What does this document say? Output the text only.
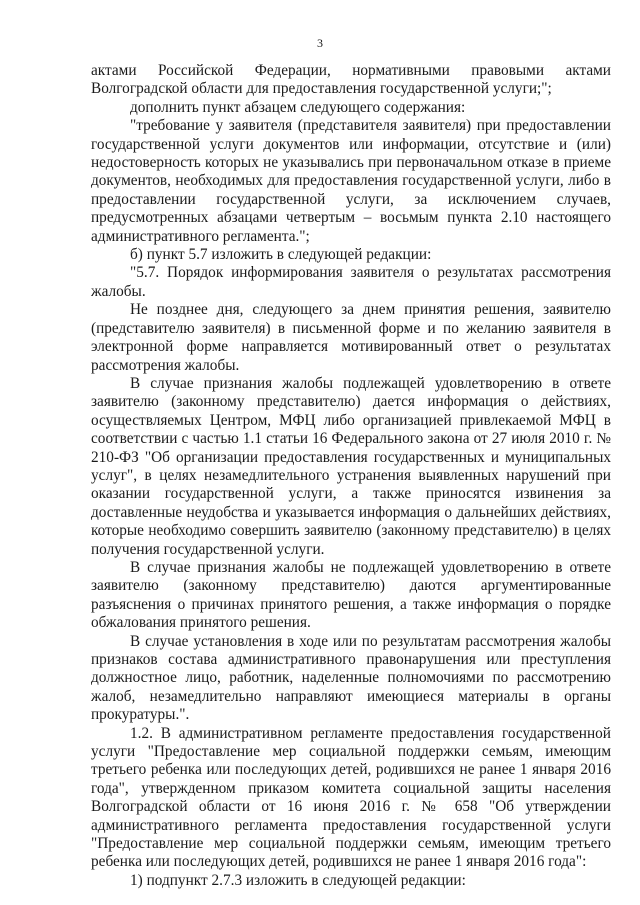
3

актами Российской Федерации, нормативными правовыми актами Волгоградской области для предоставления государственной услуги;";

дополнить пункт абзацем следующего содержания:

"требование у заявителя (представителя заявителя) при предоставлении государственной услуги документов или информации, отсутствие и (или) недостоверность которых не указывались при первоначальном отказе в приеме документов, необходимых для предоставления государственной услуги, либо в предоставлении государственной услуги, за исключением случаев, предусмотренных абзацами четвертым – восьмым пункта 2.10 настоящего административного регламента.";

б) пункт 5.7 изложить в следующей редакции:

"5.7. Порядок информирования заявителя о результатах рассмотрения жалобы.

Не позднее дня, следующего за днем принятия решения, заявителю (представителю заявителя) в письменной форме и по желанию заявителя в электронной форме направляется мотивированный ответ о результатах рассмотрения жалобы.

В случае признания жалобы подлежащей удовлетворению в ответе заявителю (законному представителю) дается информация о действиях, осуществляемых Центром, МФЦ либо организацией привлекаемой МФЦ в соответствии с частью 1.1 статьи 16 Федерального закона от 27 июля 2010 г. № 210-ФЗ "Об организации предоставления государственных и муниципальных услуг", в целях незамедлительного устранения выявленных нарушений при оказании государственной услуги, а также приносятся извинения за доставленные неудобства и указывается информация о дальнейших действиях, которые необходимо совершить заявителю (законному представителю) в целях получения государственной услуги.

В случае признания жалобы не подлежащей удовлетворению в ответе заявителю (законному представителю) даются аргументированные разъяснения о причинах принятого решения, а также информация о порядке обжалования принятого решения.

В случае установления в ходе или по результатам рассмотрения жалобы признаков состава административного правонарушения или преступления должностное лицо, работник, наделенные полномочиями по рассмотрению жалоб, незамедлительно направляют имеющиеся материалы в органы прокуратуры.".

1.2. В административном регламенте предоставления государственной услуги "Предоставление мер социальной поддержки семьям, имеющим третьего ребенка или последующих детей, родившихся не ранее 1 января 2016 года", утвержденном приказом комитета социальной защиты населения Волгоградской области от 16 июня 2016 г. № 658 "Об утверждении административного регламента предоставления государственной услуги "Предоставление мер социальной поддержки семьям, имеющим третьего ребенка или последующих детей, родившихся не ранее 1 января 2016 года":

1) подпункт 2.7.3 изложить в следующей редакции:
